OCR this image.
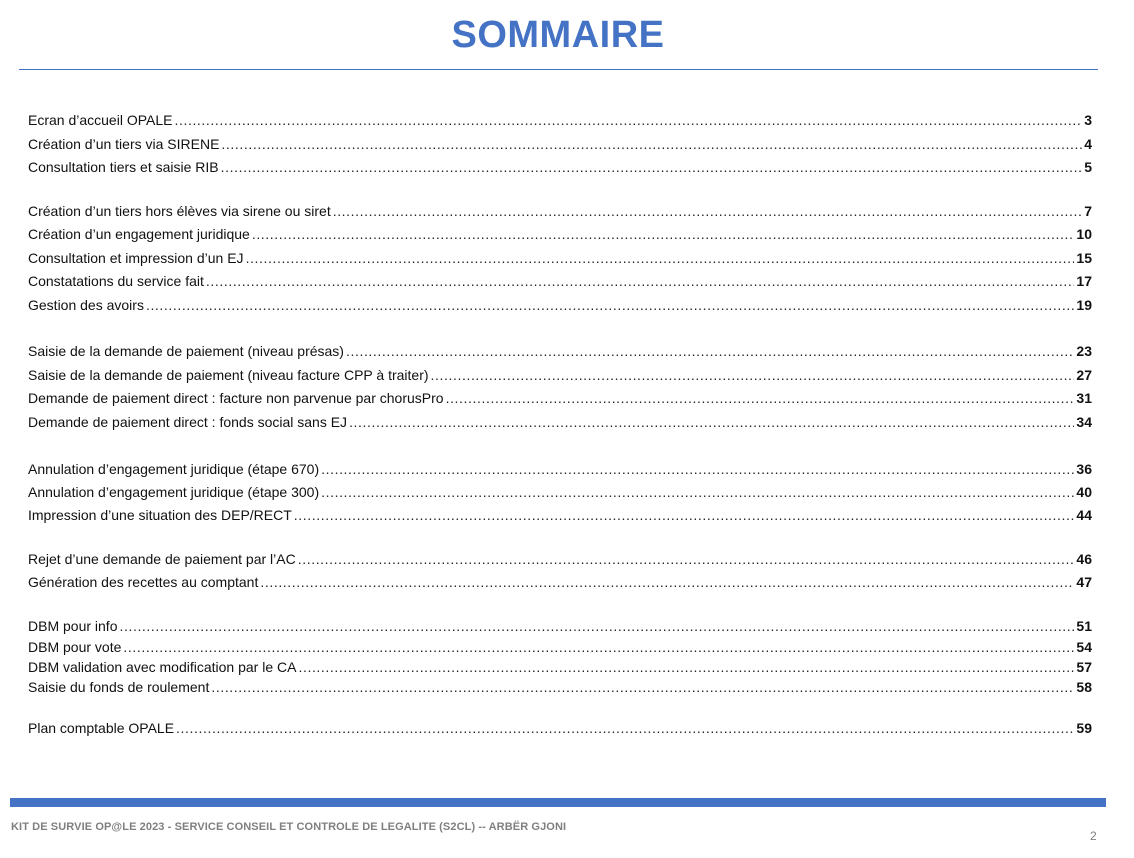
SOMMAIRE
Ecran d’accueil OPALE .....	3
Création d’un tiers via SIRENE .....	4
Consultation tiers et saisie RIB .....	5
Création d’un tiers hors élèves via sirene ou siret .....	7
Création d’un engagement juridique .....	10
Consultation et impression d’un EJ .....	15
Constatations du service fait .....	17
Gestion des avoirs .....	19
Saisie de la demande de paiement (niveau présas) .....	23
Saisie de la demande de paiement (niveau facture CPP à traiter) .....	27
Demande de paiement direct : facture non parvenue par chorusPro .....	31
Demande de paiement direct : fonds social sans EJ .....	34
Annulation d’engagement juridique (étape 670) .....	36
Annulation d’engagement juridique (étape 300) .....	40
Impression d’une situation des DEP/RECT .....	44
Rejet d’une demande de paiement par l’AC .....	46
Génération des recettes au comptant .....	47
DBM pour info .....	51
DBM pour vote .....	54
DBM validation avec modification par le CA .....	57
Saisie du fonds de roulement .....	58
Plan comptable OPALE .....	59
KIT DE SURVIE OP@LE 2023 - SERVICE CONSEIL ET CONTROLE DE LEGALITE (S2CL) -- ARBËR GJONI
2
